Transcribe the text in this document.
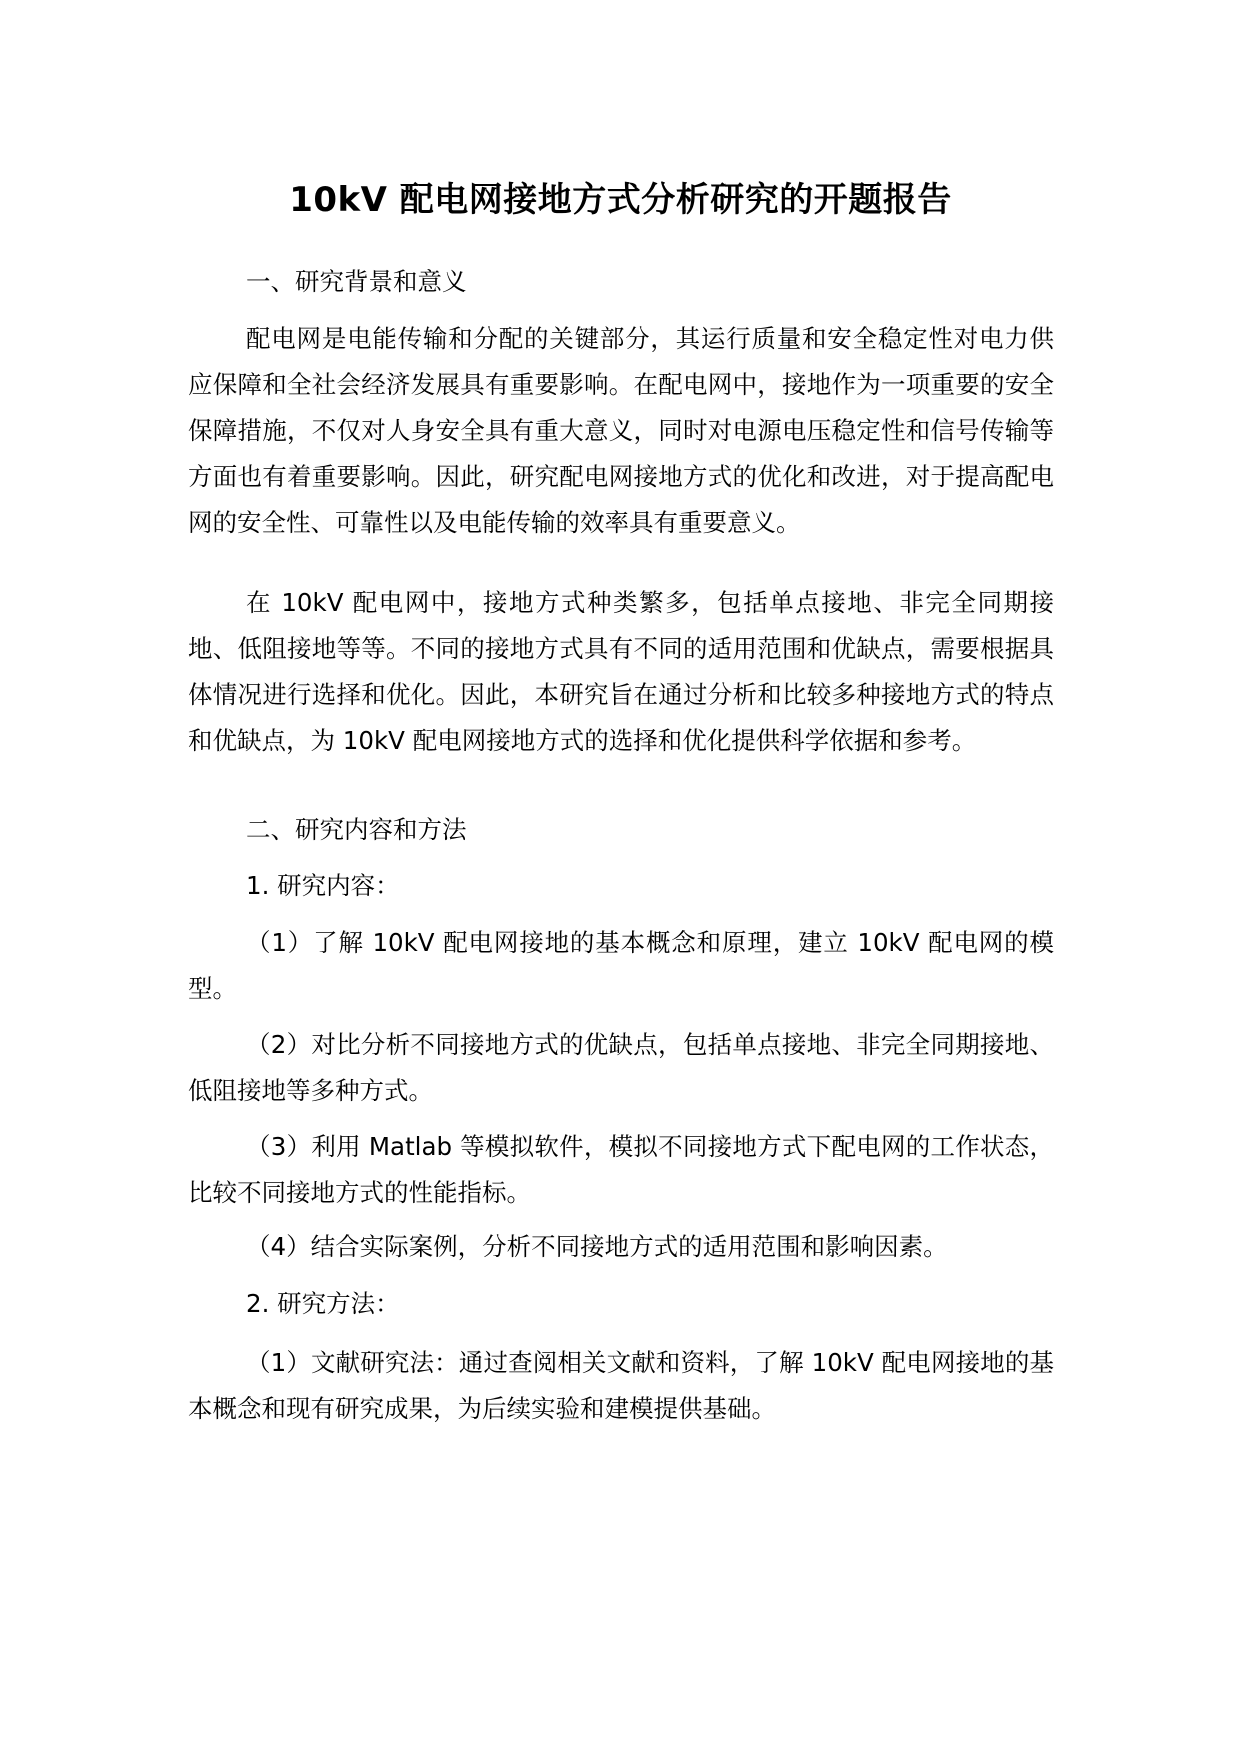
10kV 配电网接地方式分析研究的开题报告
一、研究背景和意义
配电网是电能传输和分配的关键部分，其运行质量和安全稳定性对电力供应保障和全社会经济发展具有重要影响。在配电网中，接地作为一项重要的安全保障措施，不仅对人身安全具有重大意义，同时对电源电压稳定性和信号传输等方面也有着重要影响。因此，研究配电网接地方式的优化和改进，对于提高配电网的安全性、可靠性以及电能传输的效率具有重要意义。
在 10kV 配电网中，接地方式种类繁多，包括单点接地、非完全同期接地、低阻接地等等。不同的接地方式具有不同的适用范围和优缺点，需要根据具体情况进行选择和优化。因此，本研究旨在通过分析和比较多种接地方式的特点和优缺点，为 10kV 配电网接地方式的选择和优化提供科学依据和参考。
二、研究内容和方法
1. 研究内容：
（1）了解 10kV 配电网接地的基本概念和原理，建立 10kV 配电网的模型。
（2）对比分析不同接地方式的优缺点，包括单点接地、非完全同期接地、低阻接地等多种方式。
（3）利用 Matlab 等模拟软件，模拟不同接地方式下配电网的工作状态，比较不同接地方式的性能指标。
（4）结合实际案例，分析不同接地方式的适用范围和影响因素。
2. 研究方法：
（1）文献研究法：通过查阅相关文献和资料，了解 10kV 配电网接地的基本概念和现有研究成果，为后续实验和建模提供基础。
